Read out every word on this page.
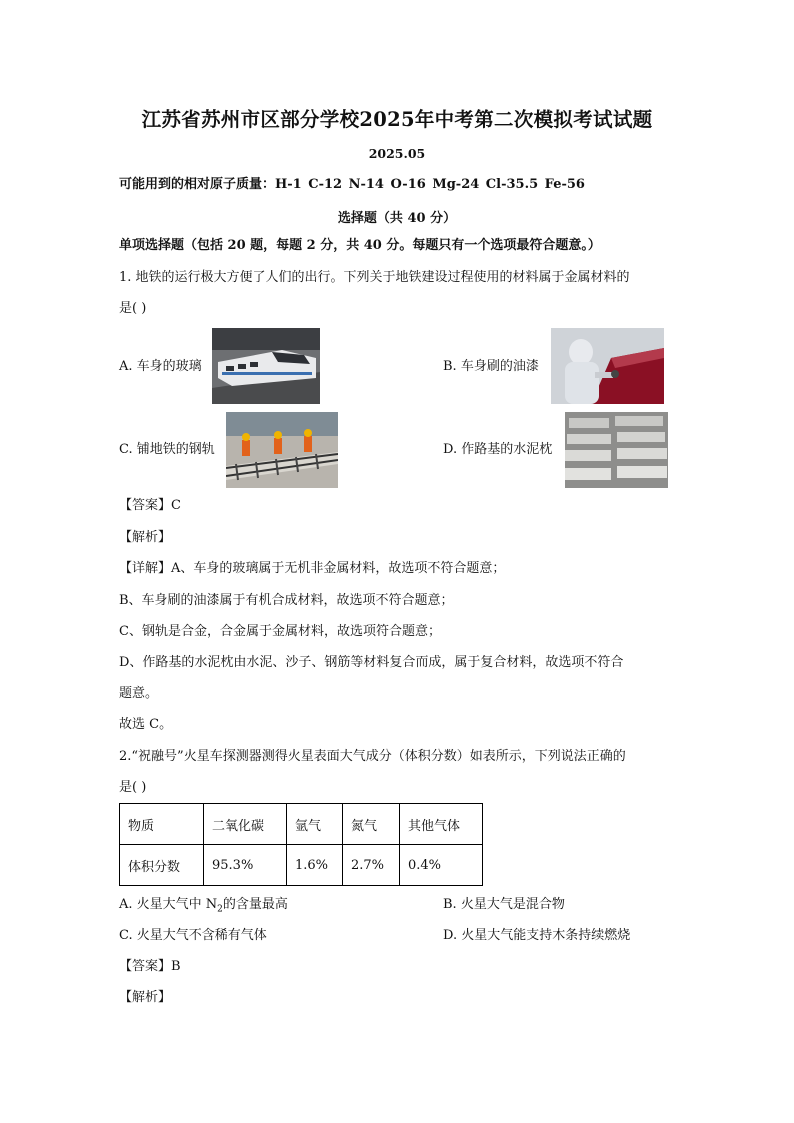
江苏省苏州市区部分学校2025年中考第二次模拟考试试题
2025.05
可能用到的相对原子质量：H-1 C-12 N-14 O-16 Mg-24 Cl-35.5 Fe-56
选择题（共 40 分）
单项选择题（包括 20 题，每题 2 分，共 40 分。每题只有一个选项最符合题意。）
1. 地铁的运行极大方便了人们的出行。下列关于地铁建设过程使用的材料属于金属材料的
是( )
A. 车身的玻璃	B. 车身刷的油漆
C. 铺地铁的钢轨	D. 作路基的水泥枕
【答案】C
【解析】
【详解】A、车身的玻璃属于无机非金属材料，故选项不符合题意；
B、车身刷的油漆属于有机合成材料，故选项不符合题意；
C、钢轨是合金，合金属于金属材料，故选项符合题意；
D、作路基的水泥枕由水泥、沙子、钢筋等材料复合而成，属于复合材料，故选项不符合
题意。
故选 C。
2.“祝融号”火星车探测器测得火星表面大气成分（体积分数）如表所示，下列说法正确的
是( )
物质	二氧化碳	氩气	氮气	其他气体
体积分数	95.3%	1.6%	2.7%	0.4%
A. 火星大气中 $N_2$的含量最高	B. 火星大气是混合物
C. 火星大气不含稀有气体	D. 火星大气能支持木条持续燃烧
【答案】B
【解析】
